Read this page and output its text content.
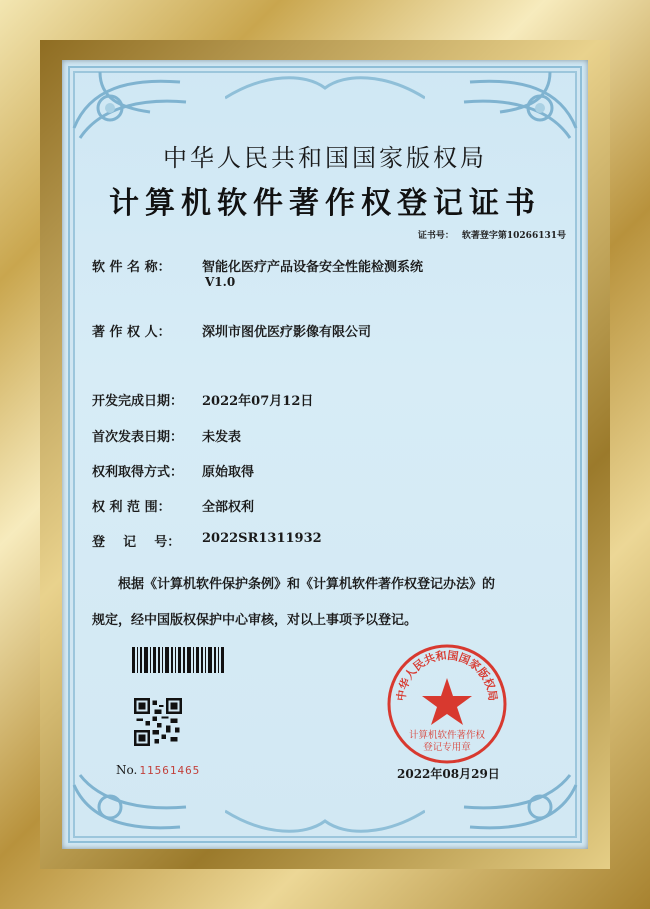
中华人民共和国国家版权局
计算机软件著作权登记证书
证书号： 软著登字第10266131号
软 件 名 称： 智能化医疗产品设备安全性能检测系统
V1.0
著 作 权 人： 深圳市图优医疗影像有限公司
开发完成日期： 2022年07月12日
首次发表日期： 未发表
权利取得方式： 原始取得
权 利 范 围： 全部权利
登    记    号： 2022SR1311932
根据《计算机软件保护条例》和《计算机软件著作权登记办法》的
规定，经中国版权保护中心审核，对以上事项予以登记。
No. 11561465
中华人民共和国国家版权局
计算机软件著作权
登记专用章
2022年08月29日
